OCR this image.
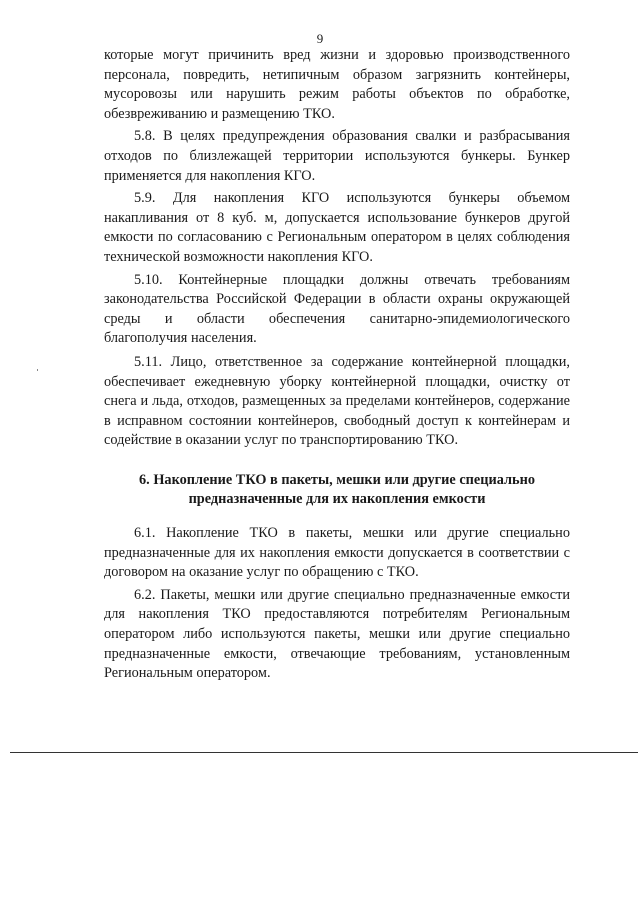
9

которые могут причинить вред жизни и здоровью производственного персонала, повредить, нетипичным образом загрязнить контейнеры, мусоровозы или нарушить режим работы объектов по обработке, обезвреживанию и размещению ТКО.

5.8. В целях предупреждения образования свалки и разбрасывания отходов по близлежащей территории используются бункеры. Бункер применяется для накопления КГО.

5.9. Для накопления КГО используются бункеры объемом накапливания от 8 куб. м, допускается использование бункеров другой емкости по согласованию с Региональным оператором в целях соблюдения технической возможности накопления КГО.

5.10. Контейнерные площадки должны отвечать требованиям законодательства Российской Федерации в области охраны окружающей среды и области обеспечения санитарно-эпидемиологического благополучия населения.

5.11. Лицо, ответственное за содержание контейнерной площадки, обеспечивает ежедневную уборку контейнерной площадки, очистку от снега и льда, отходов, размещенных за пределами контейнеров, содержание в исправном состоянии контейнеров, свободный доступ к контейнерам и содействие в оказании услуг по транспортированию ТКО.

6. Накопление ТКО в пакеты, мешки или другие специально
предназначенные для их накопления емкости

6.1. Накопление ТКО в пакеты, мешки или другие специально предназначенные для их накопления емкости допускается в соответствии с договором на оказание услуг по обращению с ТКО.

6.2. Пакеты, мешки или другие специально предназначенные емкости для накопления ТКО предоставляются потребителям Региональным оператором либо используются пакеты, мешки или другие специально предназначенные емкости, отвечающие требованиям, установленным Региональным оператором.
